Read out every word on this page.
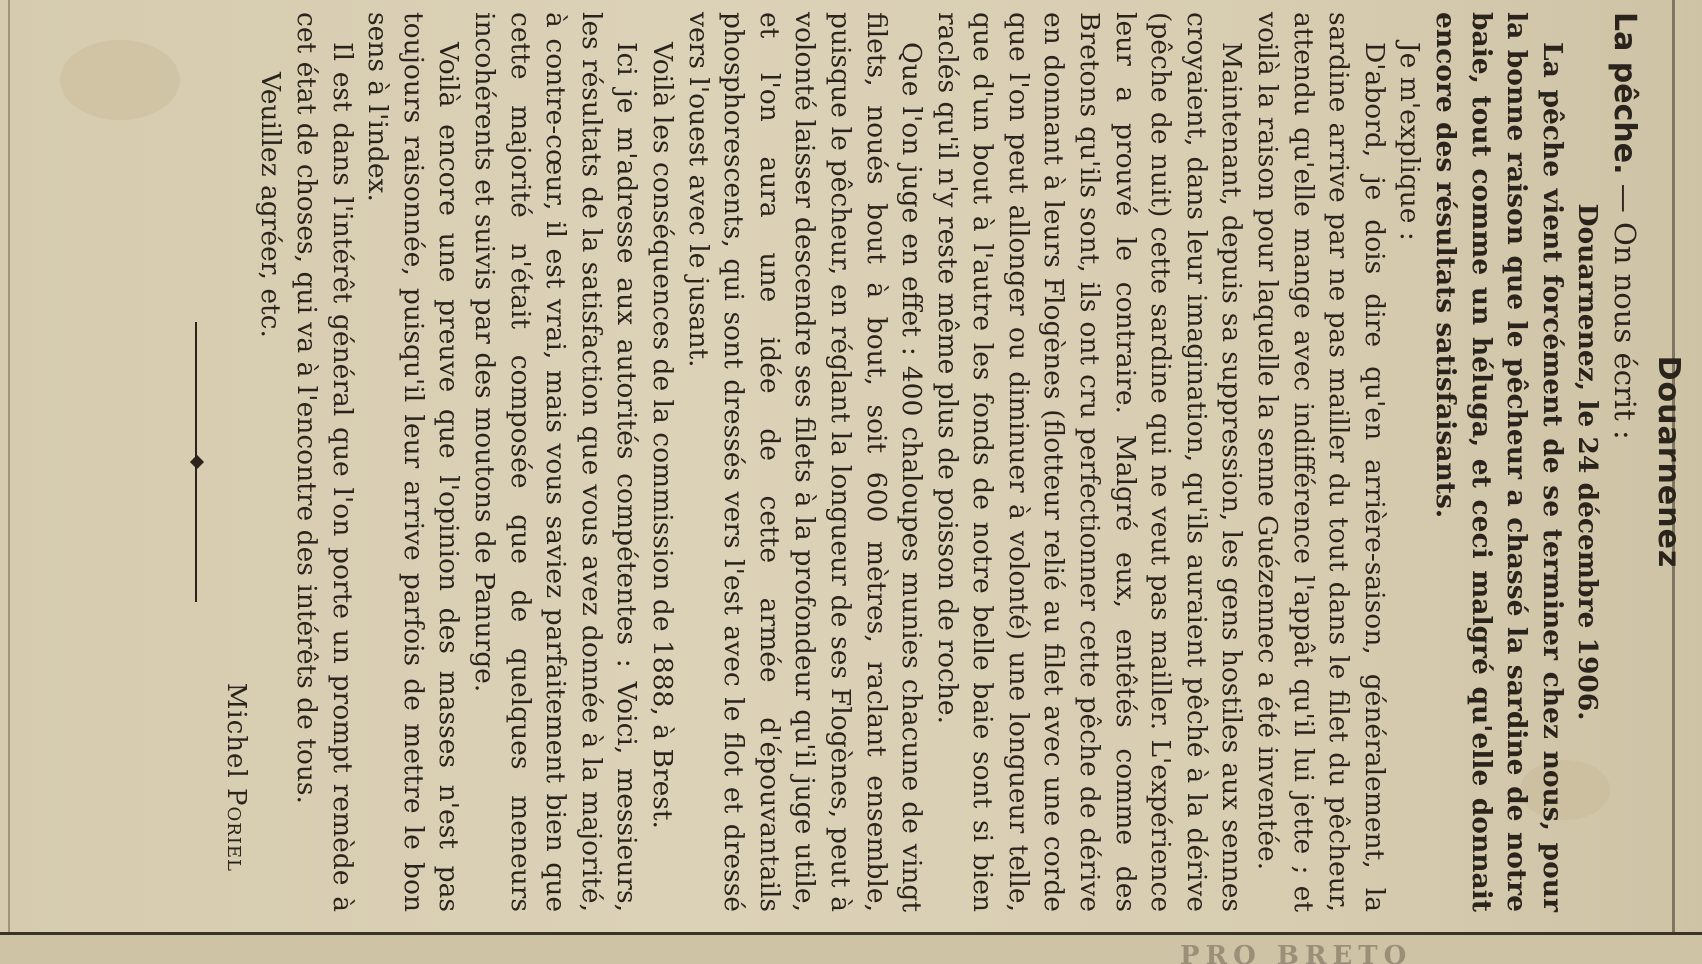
Douarnenez

La pêche. — On nous écrit :

Douarnenez, le 24 décembre 1906.

La pêche vient forcément de se terminer chez nous, pour la bonne raison que le pêcheur a chassé la sardine de notre baie, tout comme un héluga, et ceci malgré qu'elle donnait encore des résultats satisfaisants.

Je m'explique :

D'abord, je dois dire qu'en arrière-saison, généralement, la sardine arrive par ne pas mailler du tout dans le filet du pêcheur, attendu qu'elle mange avec indifférence l'appât qu'il lui jette ; et voilà la raison pour laquelle la senne Guézennec a été inventée.

Maintenant, depuis sa suppression, les gens hostiles aux sennes croyaient, dans leur imagination, qu'ils auraient pêché à la dérive (pêche de nuit) cette sardine qui ne veut pas mailler. L'expérience leur a prouvé le contraire. Malgré eux, entêtés comme des Bretons qu'ils sont, ils ont cru perfectionner cette pêche de dérive en donnant à leurs Flogènes (flotteur relié au filet avec une corde que l'on peut allonger ou diminuer à volonté) une longueur telle, que d'un bout à l'autre les fonds de notre belle baie sont si bien raclés qu'il n'y reste même plus de poisson de roche.

Que l'on juge en effet : 400 chaloupes munies chacune de vingt filets, noués bout à bout, soit 600 mètres, raclant ensemble, puisque le pêcheur, en réglant la longueur de ses Flogènes, peut à volonté laisser descendre ses filets à la profondeur qu'il juge utile, et l'on aura une idée de cette armée d'épouvantails phosphorescents, qui sont dressés vers l'est avec le flot et dressé vers l'ouest avec le jusant.

Voilà les conséquences de la commission de 1888, à Brest.

Ici je m'adresse aux autorités compétentes : Voici, messieurs, les résultats de la satisfaction que vous avez donnée à la majorité, à contre-cœur, il est vrai, mais vous saviez parfaitement bien que cette majorité n'était composée que de quelques meneurs incohérents et suivis par des moutons de Panurge.

Voilà encore une preuve que l'opinion des masses n'est pas toujours raisonnée, puisqu'il leur arrive parfois de mettre le bon sens à l'index.

Il est dans l'intérêt général que l'on porte un prompt remède à cet état de choses, qui va à l'encontre des intérêts de tous.

Veuillez agréer, etc.

Michel Poriel
PRO BRETO
